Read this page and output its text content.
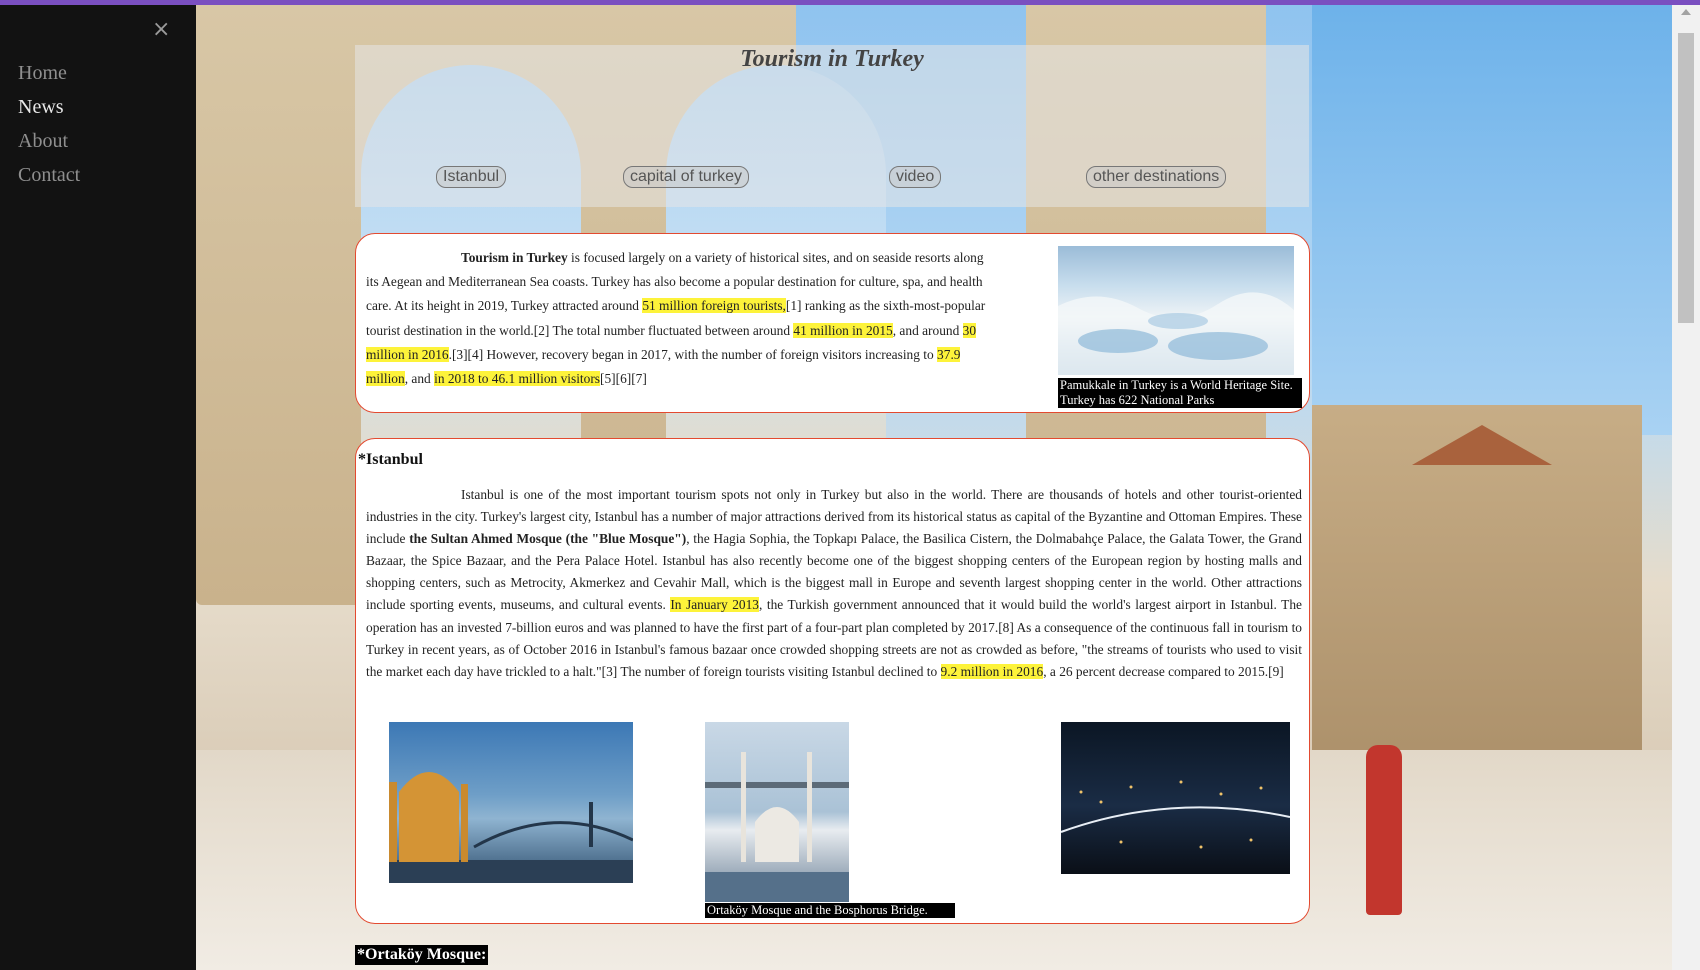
×
Home
News
About
Contact
Tourism in Turkey
Istanbul	capital of turkey	video	other destinations

Tourism in Turkey is focused largely on a variety of historical sites, and on seaside resorts along its Aegean and Mediterranean Sea coasts. Turkey has also become a popular destination for culture, spa, and health care. At its height in 2019, Turkey attracted around 51 million foreign tourists,[1] ranking as the sixth-most-popular tourist destination in the world.[2] The total number fluctuated between around 41 million in 2015, and around 30 million in 2016.[3][4] However, recovery began in 2017, with the number of foreign visitors increasing to 37.9 million, and in 2018 to 46.1 million visitors[5][6][7]	Pamukkale in Turkey is a World Heritage Site. Turkey has 622 National Parks
*Istanbul

Istanbul is one of the most important tourism spots not only in Turkey but also in the world. There are thousands of hotels and other tourist-oriented industries in the city. Turkey's largest city, Istanbul has a number of major attractions derived from its historical status as capital of the Byzantine and Ottoman Empires. These include the Sultan Ahmed Mosque (the "Blue Mosque"), the Hagia Sophia, the Topkapı Palace, the Basilica Cistern, the Dolmabahçe Palace, the Galata Tower, the Grand Bazaar, the Spice Bazaar, and the Pera Palace Hotel. Istanbul has also recently become one of the biggest shopping centers of the European region by hosting malls and shopping centers, such as Metrocity, Akmerkez and Cevahir Mall, which is the biggest mall in Europe and seventh largest shopping center in the world. Other attractions include sporting events, museums, and cultural events. In January 2013, the Turkish government announced that it would build the world's largest airport in Istanbul. The operation has an invested 7-billion euros and was planned to have the first part of a four-part plan completed by 2017.[8] As a consequence of the continuous fall in tourism to Turkey in recent years, as of October 2016 in Istanbul's famous bazaar once crowded shopping streets are not as crowded as before, "the streams of tourists who used to visit the market each day have trickled to a halt."[3] The number of foreign tourists visiting Istanbul declined to 9.2 million in 2016, a 26 percent decrease compared to 2015.[9]

Ortaköy Mosque and the Bosphorus Bridge.
*Ortaköy Mosque:
